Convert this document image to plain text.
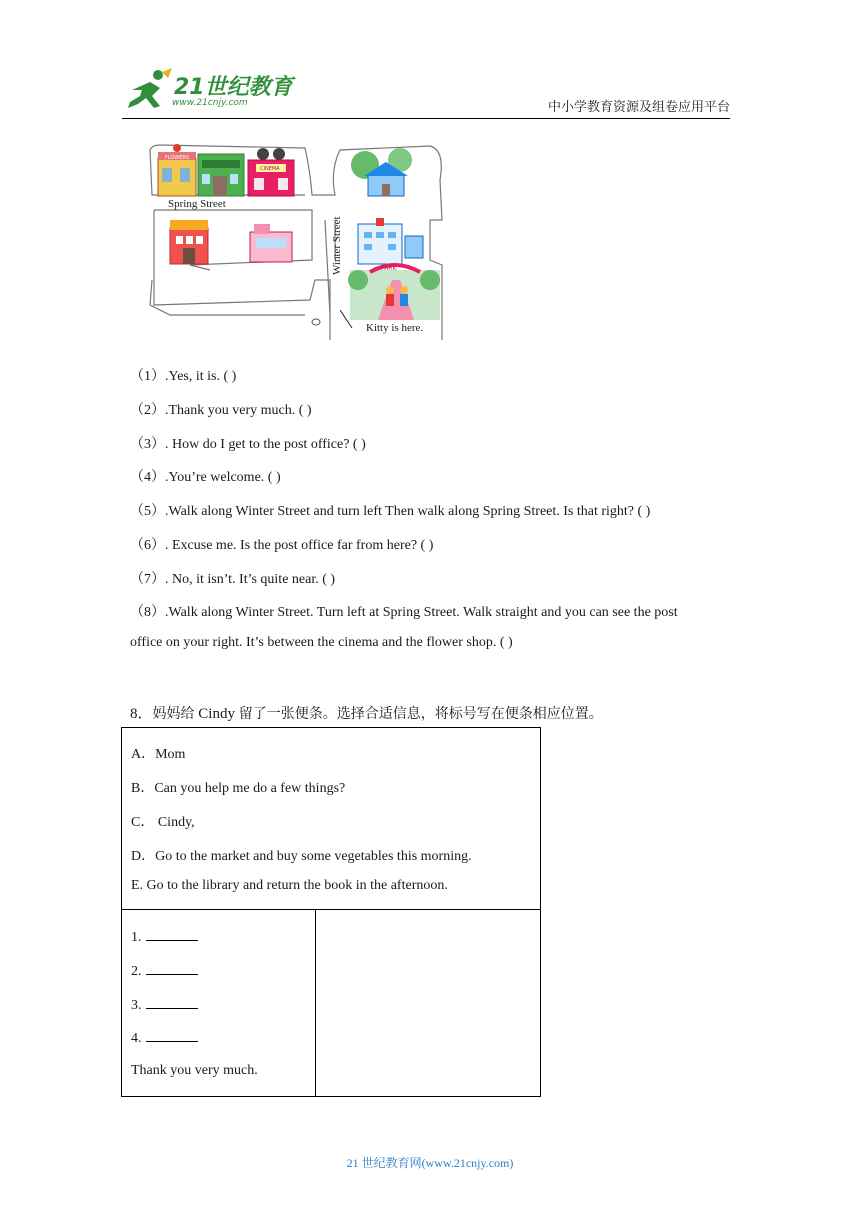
21世纪教育
www.21cnjy.com	中小学教育资源及组卷应用平台
FLOWERS
CINEMA
Spring Street
Winter Street	PARK
Kitty is here.
（1）.Yes, it is. ( )
（2）.Thank you very much. ( )
（3）. How do I get to the post office? ( )
（4）.You’re welcome. ( )
（5）.Walk along Winter Street and turn left Then walk along Spring Street. Is that right? ( )
（6）. Excuse me. Is the post office far from here? ( )
（7）. No, it isn’t. It’s quite near. ( )
（8）.Walk along Winter Street. Turn left at Spring Street. Walk straight and you can see the post
office on your right. It’s between the cinema and the flower shop. ( )
8．妈妈给 Cindy 留了一张便条。选择合适信息，将标号写在便条相应位置。
A．Mom
B．Can you help me do a few things?
C． Cindy,
D．Go to the market and buy some vegetables this morning.
E. Go to the library and return the book in the afternoon.
1.
2.
3.
4.
Thank you very much.
21 世纪教育网(www.21cnjy.com)
